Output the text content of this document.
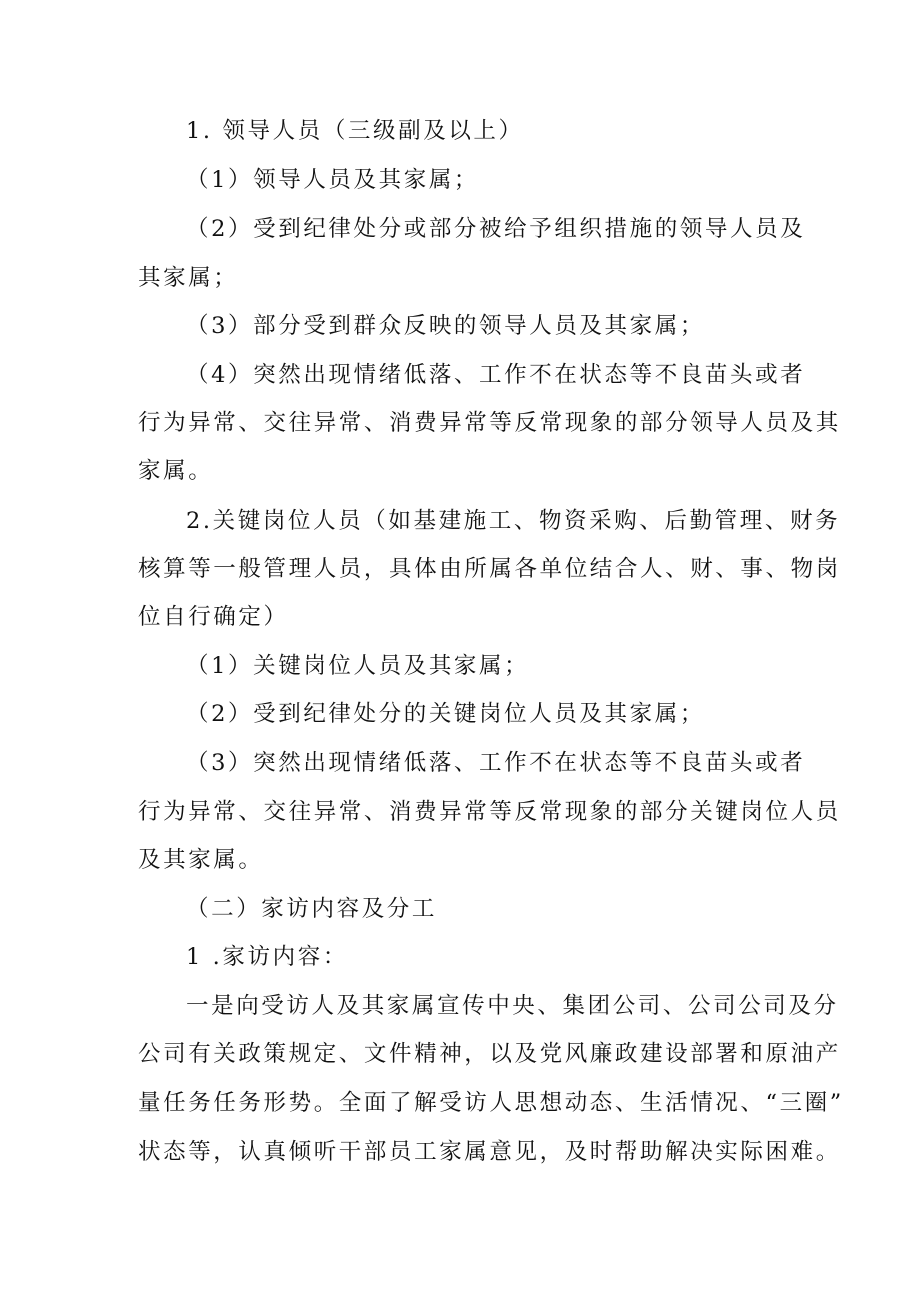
1. 领导人员（三级副及以上）
（1）领导人员及其家属；
（2）受到纪律处分或部分被给予组织措施的领导人员及
其家属；
（3）部分受到群众反映的领导人员及其家属；
（4）突然出现情绪低落、工作不在状态等不良苗头或者
行为异常、交往异常、消费异常等反常现象的部分领导人员及其
家属。
2.关键岗位人员（如基建施工、物资采购、后勤管理、财务
核算等一般管理人员，具体由所属各单位结合人、财、事、物岗
位自行确定）
（1）关键岗位人员及其家属；
（2）受到纪律处分的关键岗位人员及其家属；
（3）突然出现情绪低落、工作不在状态等不良苗头或者
行为异常、交往异常、消费异常等反常现象的部分关键岗位人员
及其家属。
（二）家访内容及分工
1 .家访内容：
一是向受访人及其家属宣传中央、集团公司、公司公司及分
公司有关政策规定、文件精神，以及党风廉政建设部署和原油产
量任务任务形势。全面了解受访人思想动态、生活情况、“三圈”
状态等，认真倾听干部员工家属意见，及时帮助解决实际困难。
